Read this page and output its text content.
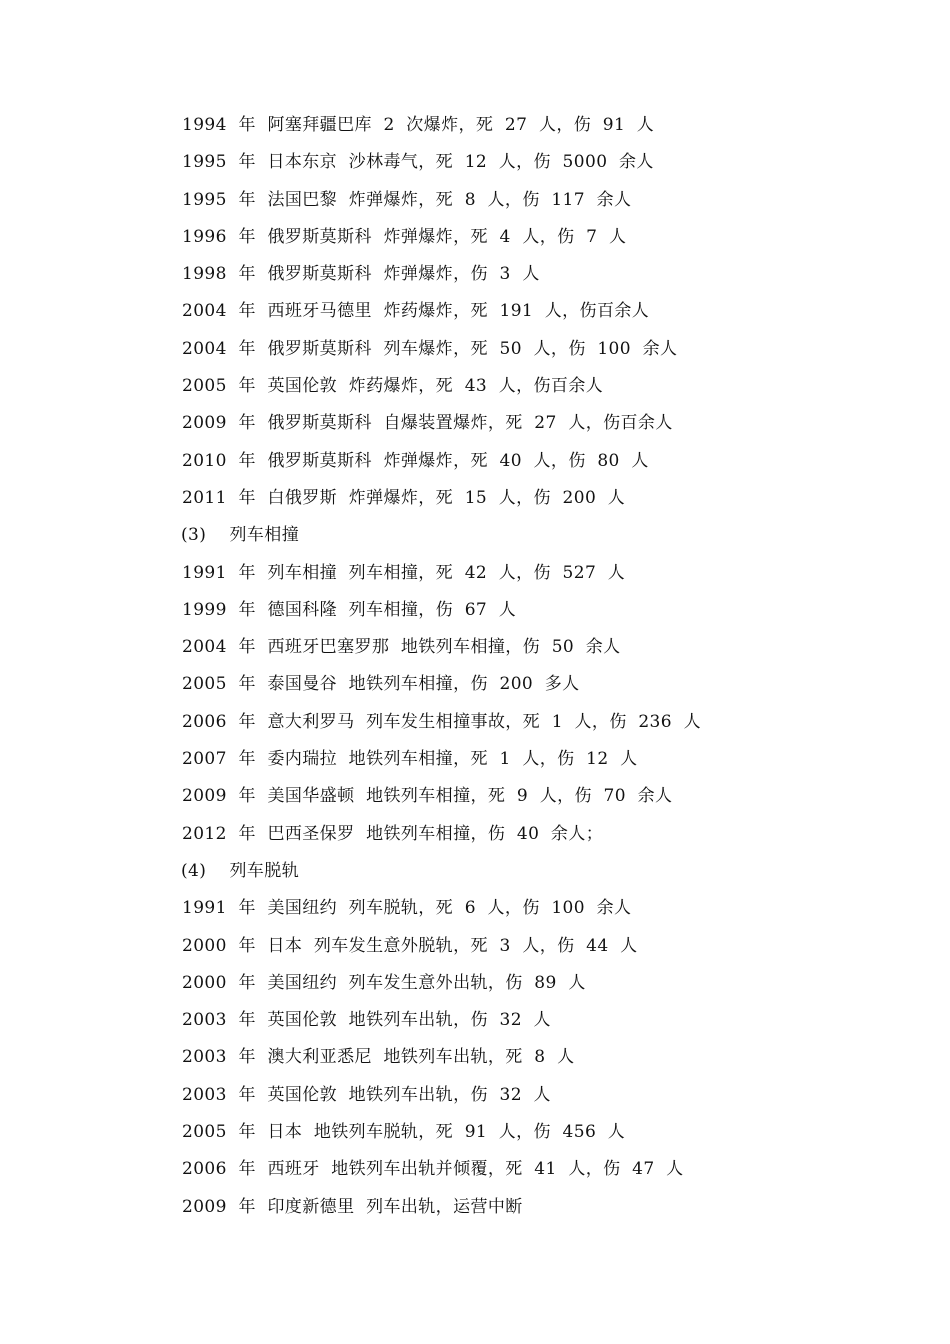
1994  年  阿塞拜疆巴库  2  次爆炸，死  27  人，伤  91  人
1995  年  日本东京  沙林毒气，死  12  人，伤  5000  余人
1995  年  法国巴黎  炸弹爆炸，死  8  人，伤  117  余人
1996  年  俄罗斯莫斯科  炸弹爆炸，死  4  人，伤  7  人
1998  年  俄罗斯莫斯科  炸弹爆炸，伤  3  人
2004  年  西班牙马德里  炸药爆炸，死  191  人，伤百余人
2004  年  俄罗斯莫斯科  列车爆炸，死  50  人，伤  100  余人
2005  年  英国伦敦  炸药爆炸，死  43  人，伤百余人
2009  年  俄罗斯莫斯科  自爆装置爆炸，死  27  人，伤百余人
2010  年  俄罗斯莫斯科  炸弹爆炸，死  40  人，伤  80  人
2011  年  白俄罗斯  炸弹爆炸，死  15  人，伤  200  人
(3)    列车相撞
1991  年  列车相撞  列车相撞，死  42  人，伤  527  人
1999  年  德国科隆  列车相撞，伤  67  人
2004  年  西班牙巴塞罗那  地铁列车相撞，伤  50  余人
2005  年  泰国曼谷  地铁列车相撞，伤  200  多人
2006  年  意大利罗马  列车发生相撞事故，死  1  人，伤  236  人
2007  年  委内瑞拉  地铁列车相撞，死  1  人，伤  12  人
2009  年  美国华盛顿  地铁列车相撞，死  9  人，伤  70  余人
2012  年  巴西圣保罗  地铁列车相撞，伤  40  余人；
(4)    列车脱轨
1991  年  美国纽约  列车脱轨，死  6  人，伤  100  余人
2000  年  日本  列车发生意外脱轨，死  3  人，伤  44  人
2000  年  美国纽约  列车发生意外出轨，伤  89  人
2003  年  英国伦敦  地铁列车出轨，伤  32  人
2003  年  澳大利亚悉尼  地铁列车出轨，死  8  人
2003  年  英国伦敦  地铁列车出轨，伤  32  人
2005  年  日本  地铁列车脱轨，死  91  人，伤  456  人
2006  年  西班牙  地铁列车出轨并倾覆，死  41  人，伤  47  人
2009  年  印度新德里  列车出轨，运营中断
